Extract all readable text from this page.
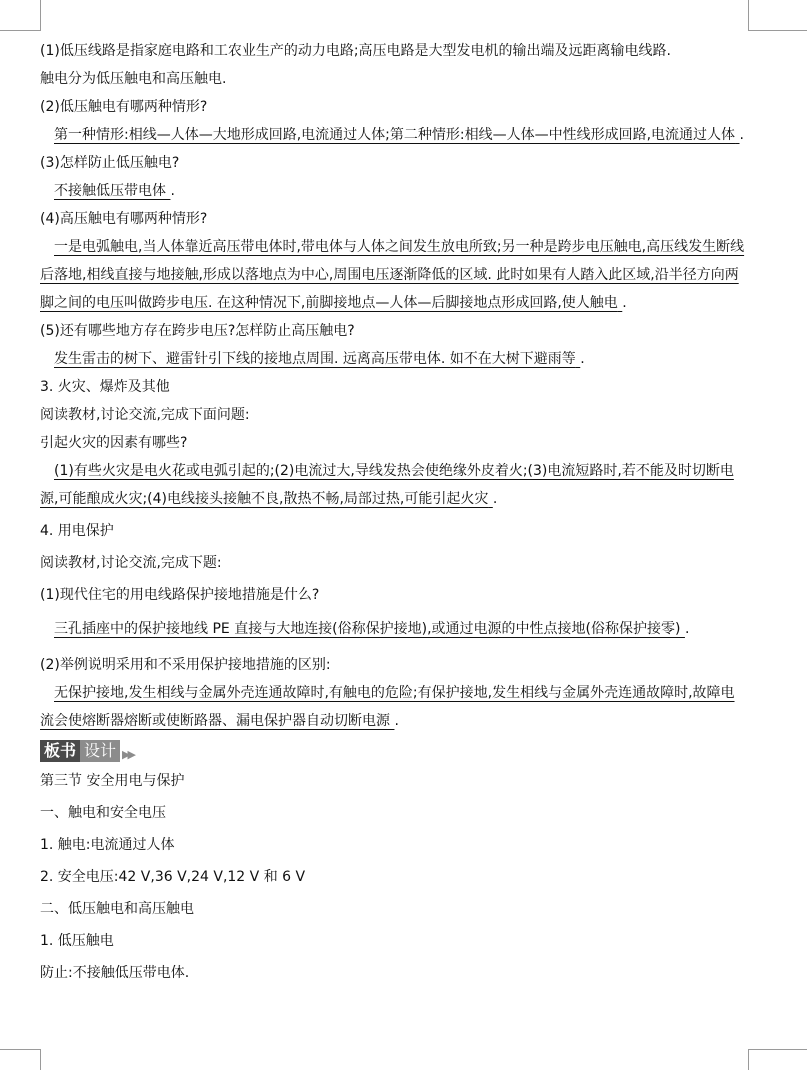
(1)低压线路是指家庭电路和工农业生产的动力电路;高压电路是大型发电机的输出端及远距离输电线路.

触电分为低压触电和高压触电.

(2)低压触电有哪两种情形?

第一种情形:相线—人体—大地形成回路,电流通过人体;第二种情形:相线—人体—中性线形成回路,电流通过人体 .

(3)怎样防止低压触电?

不接触低压带电体 .

(4)高压触电有哪两种情形?

一是电弧触电,当人体靠近高压带电体时,带电体与人体之间发生放电所致;另一种是跨步电压触电,高压线发生断线后落地,相线直接与地接触,形成以落地点为中心,周围电压逐渐降低的区域. 此时如果有人踏入此区域,沿半径方向两脚之间的电压叫做跨步电压. 在这种情况下,前脚接地点—人体—后脚接地点形成回路,使人触电 .

(5)还有哪些地方存在跨步电压?怎样防止高压触电?

发生雷击的树下、避雷针引下线的接地点周围. 远离高压带电体. 如不在大树下避雨等 .

3. 火灾、爆炸及其他

阅读教材,讨论交流,完成下面问题:

引起火灾的因素有哪些?

(1)有些火灾是电火花或电弧引起的;(2)电流过大,导线发热会使绝缘外皮着火;(3)电流短路时,若不能及时切断电源,可能酿成火灾;(4)电线接头接触不良,散热不畅,局部过热,可能引起火灾 .

4. 用电保护

阅读教材,讨论交流,完成下题:

(1)现代住宅的用电线路保护接地措施是什么?

三孔插座中的保护接地线 PE 直接与大地连接(俗称保护接地),或通过电源的中性点接地(俗称保护接零) .

(2)举例说明采用和不采用保护接地措施的区别:

无保护接地,发生相线与金属外壳连通故障时,有触电的危险;有保护接地,发生相线与金属外壳连通故障时,故障电流会使熔断器熔断或使断路器、漏电保护器自动切断电源 .

板书 设计 ▶▶

第三节 安全用电与保护

一、触电和安全电压

1. 触电:电流通过人体

2. 安全电压:42 V,36 V,24 V,12 V 和 6 V

二、低压触电和高压触电

1. 低压触电

防止:不接触低压带电体.
